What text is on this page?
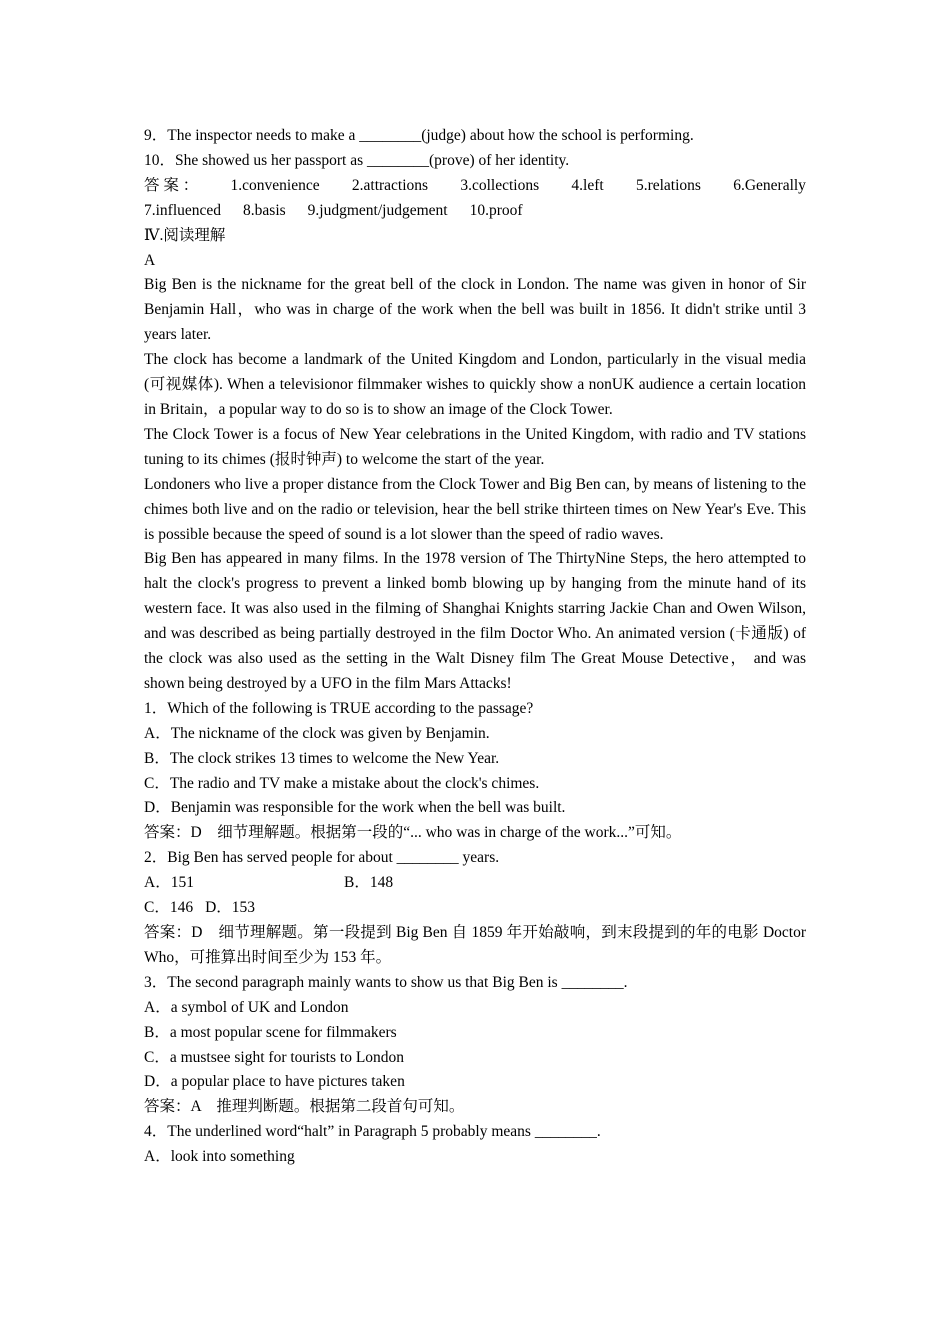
9．The inspector needs to make a ________(judge) about how the school is performing.

10．She showed us her passport as ________(prove) of her identity.

答 案 ： 1.convenience 2.attractions 3.collections 4.left 5.relations 6.Generally

7.influenced 8.basis 9.judgment/judgement 10.proof

Ⅳ.阅读理解

A

Big Ben is the nickname for the great bell of the clock in London. The name was given in honor of Sir Benjamin Hall，who was in charge of the work when the bell was built in 1856. It didn't strike until 3 years later.

The clock has become a landmark of the United Kingdom and London, particularly in the visual media (可视媒体). When a televisionor filmmaker wishes to quickly show a nonUK audience a certain location in Britain，a popular way to do so is to show an image of the Clock Tower.

The Clock Tower is a focus of New Year celebrations in the United Kingdom, with radio and TV stations tuning to its chimes (报时钟声) to welcome the start of the year.

Londoners who live a proper distance from the Clock Tower and Big Ben can, by means of listening to the chimes both live and on the radio or television, hear the bell strike thirteen times on New Year's Eve. This is possible because the speed of sound is a lot slower than the speed of radio waves.

Big Ben has appeared in many films. In the 1978 version of The ThirtyNine Steps, the hero attempted to halt the clock's progress to prevent a linked bomb blowing up by hanging from the minute hand of its western face. It was also used in the filming of Shanghai Knights starring Jackie Chan and Owen Wilson, and was described as being partially destroyed in the film Doctor Who. An animated version (卡通版) of the clock was also used as the setting in the Walt Disney film The Great Mouse Detective， and was shown being destroyed by a UFO in the film Mars Attacks!

1．Which of the following is TRUE according to the passage?

A．The nickname of the clock was given by Benjamin.

B．The clock strikes 13 times to welcome the New Year.

C．The radio and TV make a mistake about the clock's chimes.

D．Benjamin was responsible for the work when the bell was built.

答案：D　细节理解题。根据第一段的“... who was in charge of the work...”可知。

2．Big Ben has served people for about ________ years.

A．151	B．148

C．146 D．153

答案：D　细节理解题。第一段提到 Big Ben 自 1859 年开始敲响，到末段提到的年的电影 Doctor Who，可推算出时间至少为 153 年。

3．The second paragraph mainly wants to show us that Big Ben is ________.

A．a symbol of UK and London

B．a most popular scene for filmmakers

C．a mustsee sight for tourists to London

D．a popular place to have pictures taken

答案：A　推理判断题。根据第二段首句可知。

4．The underlined word“halt” in Paragraph 5 probably means ________.

A．look into something
